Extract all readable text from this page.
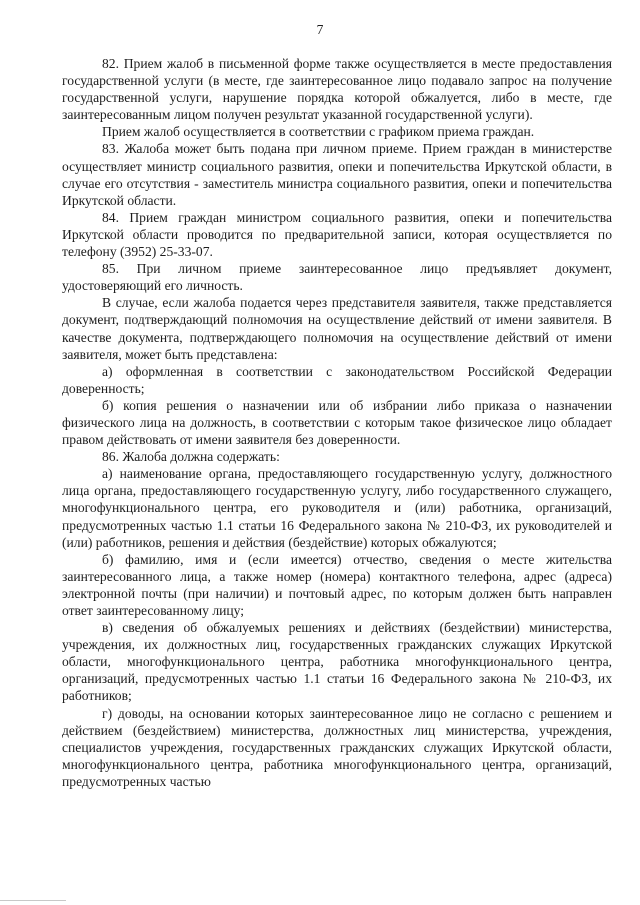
7

82. Прием жалоб в письменной форме также осуществляется в месте предоставления государственной услуги (в месте, где заинтересованное лицо подавало запрос на получение государственной услуги, нарушение порядка которой обжалуется, либо в месте, где заинтересованным лицом получен результат указанной государственной услуги).

Прием жалоб осуществляется в соответствии с графиком приема граждан.

83. Жалоба может быть подана при личном приеме. Прием граждан в министерстве осуществляет министр социального развития, опеки и попечительства Иркутской области, в случае его отсутствия - заместитель министра социального развития, опеки и попечительства Иркутской области.

84. Прием граждан министром социального развития, опеки и попечительства Иркутской области проводится по предварительной записи, которая осуществляется по телефону (3952) 25-33-07.

85. При личном приеме заинтересованное лицо предъявляет документ, удостоверяющий его личность.

В случае, если жалоба подается через представителя заявителя, также представляется документ, подтверждающий полномочия на осуществление действий от имени заявителя. В качестве документа, подтверждающего полномочия на осуществление действий от имени заявителя, может быть представлена:

а) оформленная в соответствии с законодательством Российской Федерации доверенность;

б) копия решения о назначении или об избрании либо приказа о назначении физического лица на должность, в соответствии с которым такое физическое лицо обладает правом действовать от имени заявителя без доверенности.

86. Жалоба должна содержать:

а) наименование органа, предоставляющего государственную услугу, должностного лица органа, предоставляющего государственную услугу, либо государственного служащего, многофункционального центра, его руководителя и (или) работника, организаций, предусмотренных частью 1.1 статьи 16 Федерального закона № 210-ФЗ, их руководителей и (или) работников, решения и действия (бездействие) которых обжалуются;

б) фамилию, имя и (если имеется) отчество, сведения о месте жительства заинтересованного лица, а также номер (номера) контактного телефона, адрес (адреса) электронной почты (при наличии) и почтовый адрес, по которым должен быть направлен ответ заинтересованному лицу;

в) сведения об обжалуемых решениях и действиях (бездействии) министерства, учреждения, их должностных лиц, государственных гражданских служащих Иркутской области, многофункционального центра, работника многофункционального центра, организаций, предусмотренных частью 1.1 статьи 16 Федерального закона № 210-ФЗ, их работников;

г) доводы, на основании которых заинтересованное лицо не согласно с решением и действием (бездействием) министерства, должностных лиц министерства, учреждения, специалистов учреждения, государственных гражданских служащих Иркутской области, многофункционального центра, работника многофункционального центра, организаций, предусмотренных частью
